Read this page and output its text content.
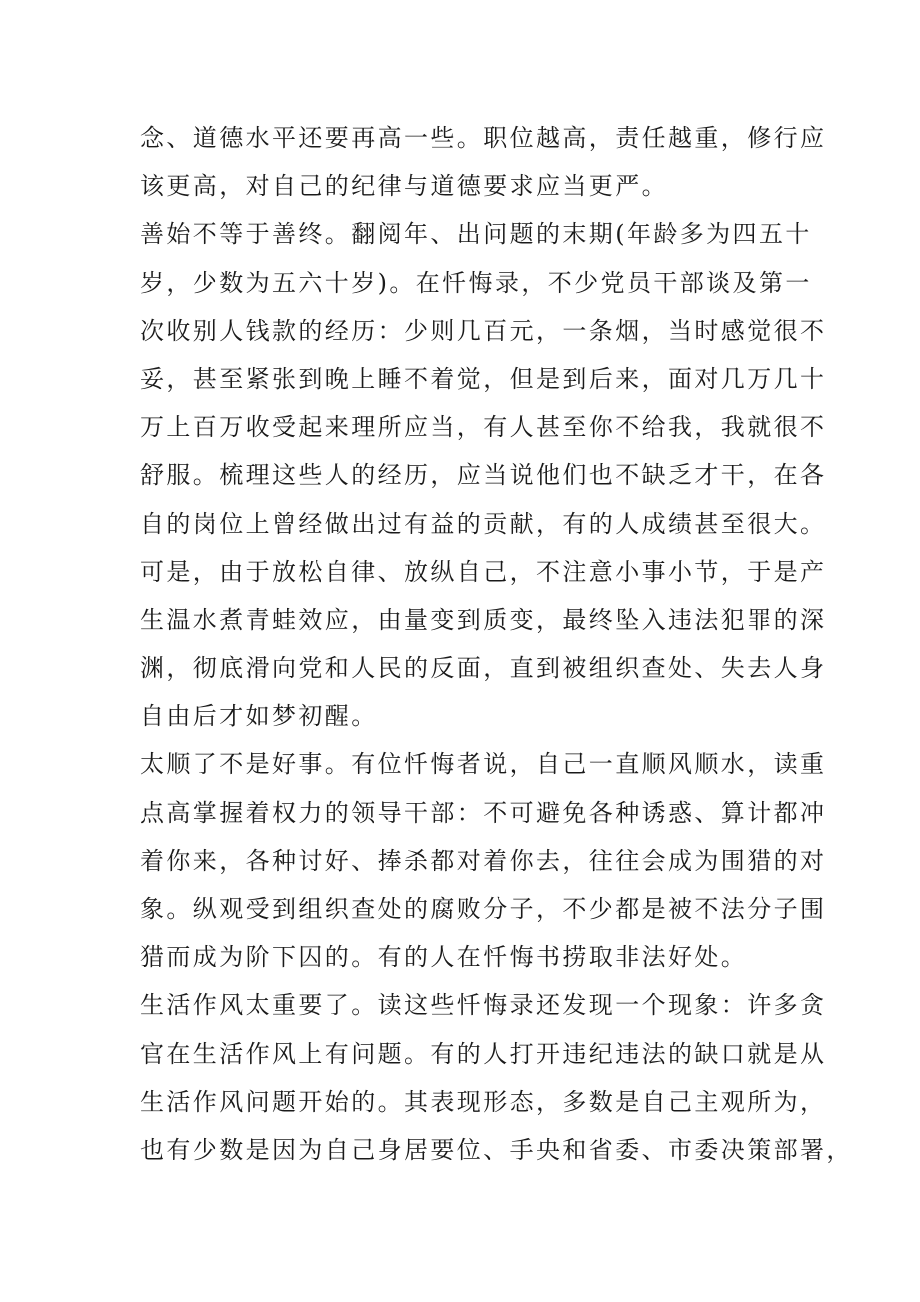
念、道德水平还要再高一些。职位越高，责任越重，修行应
该更高，对自己的纪律与道德要求应当更严。
善始不等于善终。翻阅年、出问题的末期(年龄多为四五十
岁，少数为五六十岁)。在忏悔录，不少党员干部谈及第一
次收别人钱款的经历：少则几百元，一条烟，当时感觉很不
妥，甚至紧张到晚上睡不着觉，但是到后来，面对几万几十
万上百万收受起来理所应当，有人甚至你不给我，我就很不
舒服。梳理这些人的经历，应当说他们也不缺乏才干，在各
自的岗位上曾经做出过有益的贡献，有的人成绩甚至很大。
可是，由于放松自律、放纵自己，不注意小事小节，于是产
生温水煮青蛙效应，由量变到质变，最终坠入违法犯罪的深
渊，彻底滑向党和人民的反面，直到被组织查处、失去人身
自由后才如梦初醒。
太顺了不是好事。有位忏悔者说，自己一直顺风顺水，读重
点高掌握着权力的领导干部：不可避免各种诱惑、算计都冲
着你来，各种讨好、捧杀都对着你去，往往会成为围猎的对
象。纵观受到组织查处的腐败分子，不少都是被不法分子围
猎而成为阶下囚的。有的人在忏悔书捞取非法好处。
生活作风太重要了。读这些忏悔录还发现一个现象：许多贪
官在生活作风上有问题。有的人打开违纪违法的缺口就是从
生活作风问题开始的。其表现形态，多数是自己主观所为，
也有少数是因为自己身居要位、手央和省委、市委决策部署，
